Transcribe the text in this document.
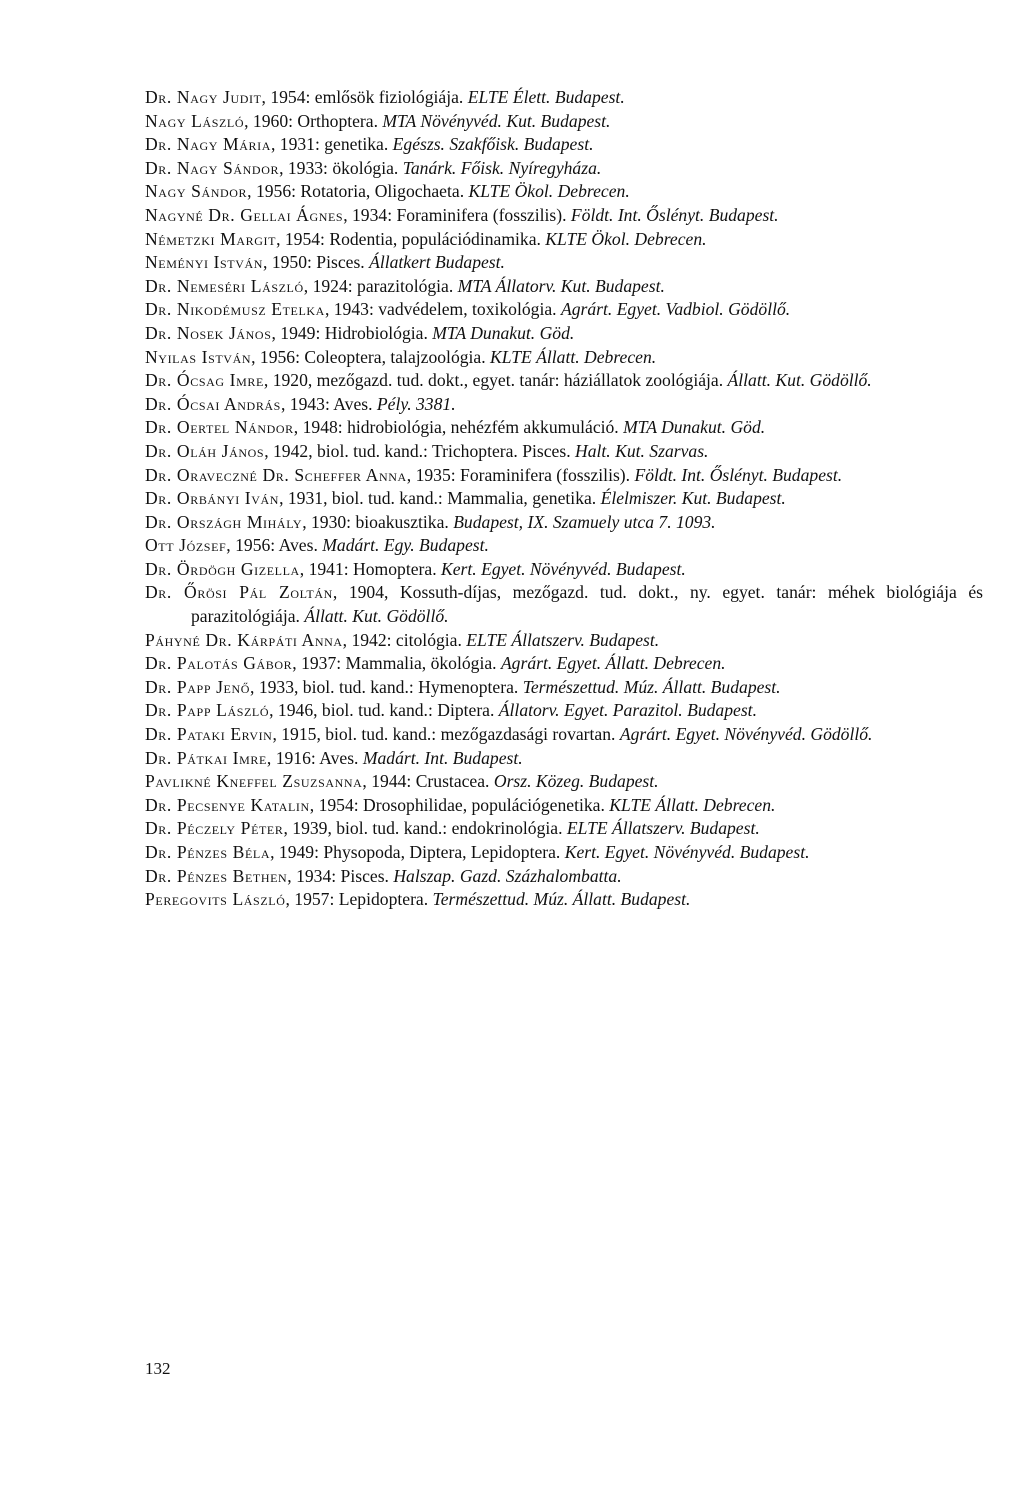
Dr. Nagy Judit, 1954: emlősök fiziológiája. ELTE Élett. Budapest.
Nagy László, 1960: Orthoptera. MTA Növényvéd. Kut. Budapest.
Dr. Nagy Mária, 1931: genetika. Egészs. Szakfőisk. Budapest.
Dr. Nagy Sándor, 1933: ökológia. Tanárk. Főisk. Nyíregyháza.
Nagy Sándor, 1956: Rotatoria, Oligochaeta. KLTE Ökol. Debrecen.
Nagyné Dr. Gellai Ágnes, 1934: Foraminifera (fosszilis). Földt. Int. Őslényt. Budapest.
Németzki Margit, 1954: Rodentia, populációdinamika. KLTE Ökol. Debrecen.
Neményi István, 1950: Pisces. Állatkert Budapest.
Dr. Nemeséri László, 1924: parazitológia. MTA Állatorv. Kut. Budapest.
Dr. Nikodémusz Etelka, 1943: vadvédelem, toxikológia. Agrárt. Egyet. Vadbiol. Gödöllő.
Dr. Nosek János, 1949: Hidrobiológia. MTA Dunakut. Göd.
Nyilas István, 1956: Coleoptera, talajzoológia. KLTE Állatt. Debrecen.
Dr. Ócsag Imre, 1920, mezőgazd. tud. dokt., egyet. tanár: háziállatok zoológiája. Állatt. Kut. Gödöllő.
Dr. Ócsai András, 1943: Aves. Pély. 3381.
Dr. Oertel Nándor, 1948: hidrobiológia, nehézfém akkumuláció. MTA Dunakut. Göd.
Dr. Oláh János, 1942, biol. tud. kand.: Trichoptera. Pisces. Halt. Kut. Szarvas.
Dr. Oraveczné Dr. Scheffer Anna, 1935: Foraminifera (fosszilis). Földt. Int. Őslényt. Budapest.
Dr. Orbányi Iván, 1931, biol. tud. kand.: Mammalia, genetika. Élelmiszer. Kut. Budapest.
Dr. Országh Mihály, 1930: bioakusztika. Budapest, IX. Szamuely utca 7. 1093.
Ott József, 1956: Aves. Madárt. Egy. Budapest.
Dr. Ördögh Gizella, 1941: Homoptera. Kert. Egyet. Növényvéd. Budapest.
Dr. Őrösi Pál Zoltán, 1904, Kossuth-díjas, mezőgazd. tud. dokt., ny. egyet. tanár: méhek biológiája és parazitológiája. Állatt. Kut. Gödöllő.
Páhyné Dr. Kárpáti Anna, 1942: citológia. ELTE Állatszerv. Budapest.
Dr. Palotás Gábor, 1937: Mammalia, ökológia. Agrárt. Egyet. Állatt. Debrecen.
Dr. Papp Jenő, 1933, biol. tud. kand.: Hymenoptera. Természettud. Múz. Állatt. Budapest.
Dr. Papp László, 1946, biol. tud. kand.: Diptera. Állatorv. Egyet. Parazitol. Budapest.
Dr. Pataki Ervin, 1915, biol. tud. kand.: mezőgazdasági rovartan. Agrárt. Egyet. Növényvéd. Gödöllő.
Dr. Pátkai Imre, 1916: Aves. Madárt. Int. Budapest.
Pavlikné Kneffel Zsuzsanna, 1944: Crustacea. Orsz. Közeg. Budapest.
Dr. Pecsenye Katalin, 1954: Drosophilidae, populációgenetika. KLTE Állatt. Debrecen.
Dr. Péczely Péter, 1939, biol. tud. kand.: endokrinológia. ELTE Állatszerv. Budapest.
Dr. Pénzes Béla, 1949: Physopoda, Diptera, Lepidoptera. Kert. Egyet. Növényvéd. Budapest.
Dr. Pénzes Bethen, 1934: Pisces. Halszap. Gazd. Százhalombatta.
Peregovits László, 1957: Lepidoptera. Természettud. Múz. Állatt. Budapest.
132
